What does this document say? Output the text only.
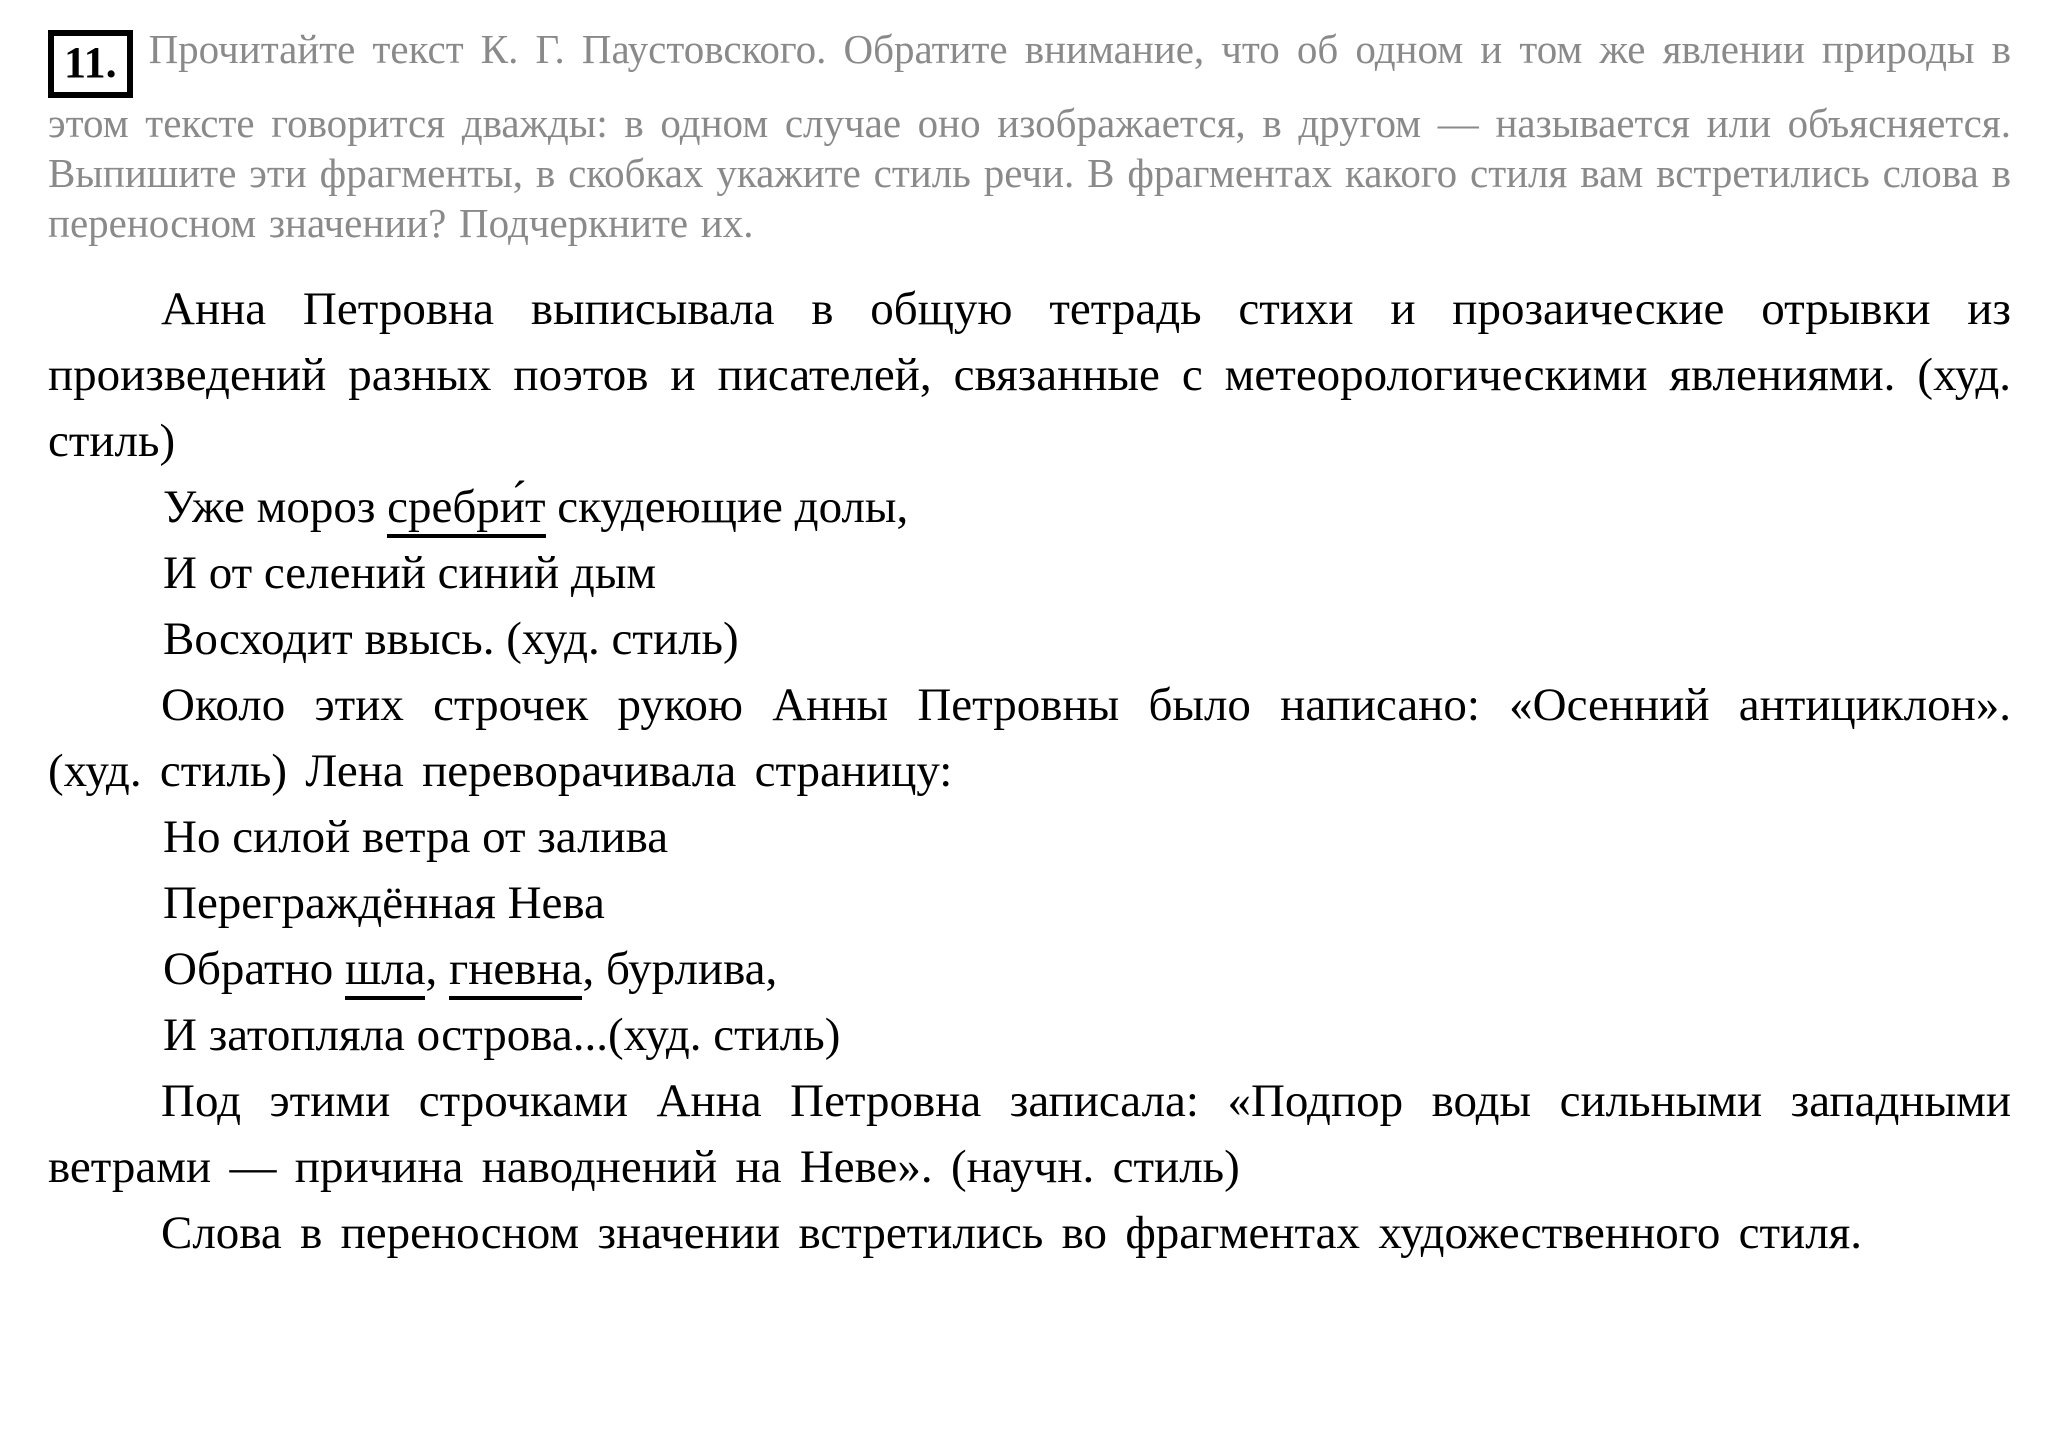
11. Прочитайте текст К. Г. Паустовского. Обратите внимание, что об одном и том же явлении природы в этом тексте говорится дважды: в одном случае оно изображается, в другом — называется или объясняется. Выпишите эти фрагменты, в скобках укажите стиль речи. В фрагментах какого стиля вам встретились слова в переносном значении? Подчеркните их.

Анна Петровна выписывала в общую тетрадь стихи и прозаические отрывки из произведений разных поэтов и писателей, связанные с метеорологическими явлениями. (худ. стиль)

Уже мороз сребри́т скудеющие долы,
И от селений синий дым
Восходит ввысь. (худ. стиль)

Около этих строчек рукою Анны Петровны было написано: «Осенний антициклон». (худ. стиль) Лена переворачивала страницу:

Но силой ветра от залива
Переграждённая Нева
Обратно шла, гневна, бурлива,
И затопляла острова...(худ. стиль)

Под этими строчками Анна Петровна записала: «Подпор воды сильными западными ветрами — причина наводнений на Неве». (научн. стиль)

Слова в переносном значении встретились во фрагментах художественного стиля.
